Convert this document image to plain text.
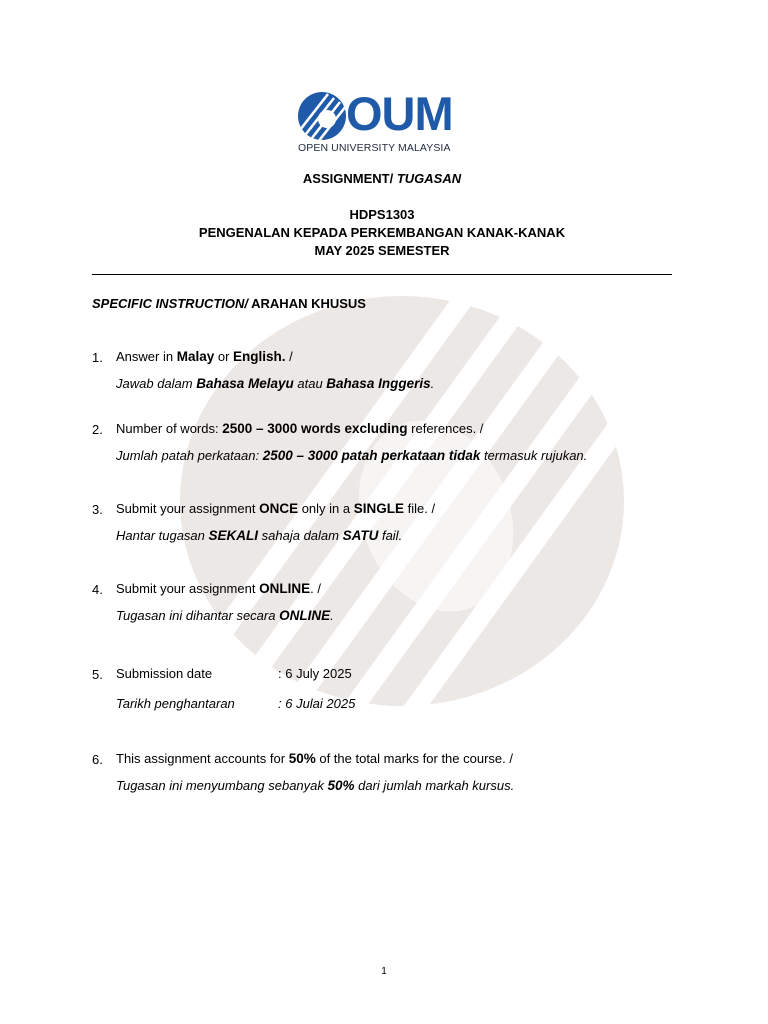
OUM
OPEN UNIVERSITY MALAYSIA
ASSIGNMENT/ TUGASAN
HDPS1303
PENGENALAN KEPADA PERKEMBANGAN KANAK-KANAK
MAY 2025 SEMESTER
SPECIFIC INSTRUCTION/ ARAHAN KHUSUS
1. Answer in Malay or English. /
Jawab dalam Bahasa Melayu atau Bahasa Inggeris.
2. Number of words: 2500 – 3000 words excluding references. /
Jumlah patah perkataan: 2500 – 3000 patah perkataan tidak termasuk rujukan.
3. Submit your assignment ONCE only in a SINGLE file. /
Hantar tugasan SEKALI sahaja dalam SATU fail.
4. Submit your assignment ONLINE. /
Tugasan ini dihantar secara ONLINE.
5. Submission date	: 6 July 2025
Tarikh penghantaran	: 6 Julai 2025
6. This assignment accounts for 50% of the total marks for the course. /
Tugasan ini menyumbang sebanyak 50% dari jumlah markah kursus.
1
